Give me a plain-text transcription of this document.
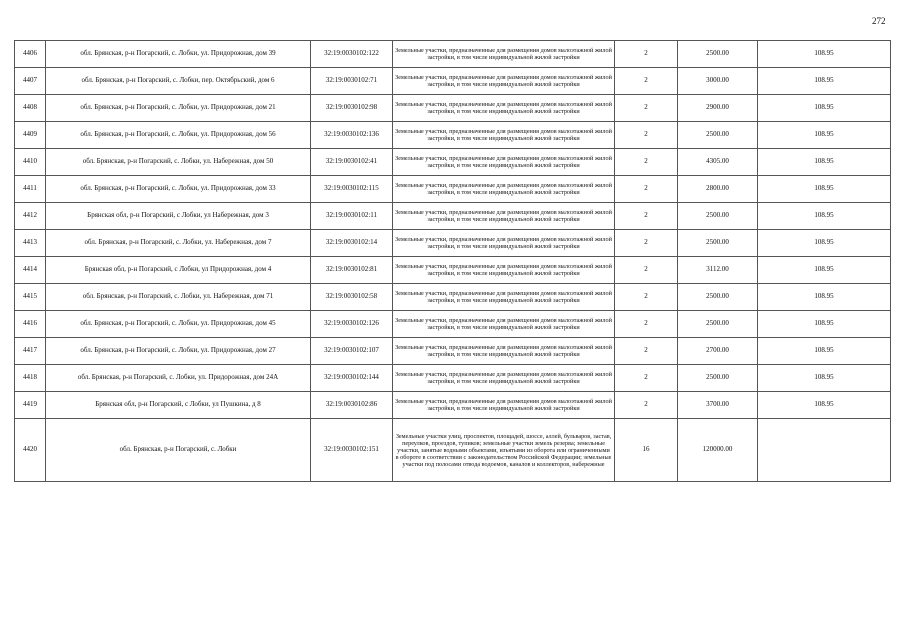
272
4406	обл. Брянская, р-н Погарский, с. Лобки, ул. Придорожная, дом 39	32:19:0030102:122	Земельные участки, предназначенные для размещения домов малоэтажной жилой застройки, в том числе индивидуальной жилой застройки	2	2500.00	108.95	
4407	обл. Брянская, р-н Погарский, с. Лобки, пер. Октябрьский, дом 6	32:19:0030102:71	Земельные участки, предназначенные для размещения домов малоэтажной жилой застройки, в том числе индивидуальной жилой застройки	2	3000.00	108.95	
4408	обл. Брянская, р-н Погарский, с. Лобки, ул. Придорожная, дом 21	32:19:0030102:98	Земельные участки, предназначенные для размещения домов малоэтажной жилой застройки, в том числе индивидуальной жилой застройки	2	2900.00	108.95	
4409	обл. Брянская, р-н Погарский, с. Лобки, ул. Придорожная, дом 56	32:19:0030102:136	Земельные участки, предназначенные для размещения домов малоэтажной жилой застройки, в том числе индивидуальной жилой застройки	2	2500.00	108.95	
4410	обл. Брянская, р-н Погарский, с. Лобки, ул. Набережная, дом 50	32:19:0030102:41	Земельные участки, предназначенные для размещения домов малоэтажной жилой застройки, в том числе индивидуальной жилой застройки	2	4305.00	108.95	
4411	обл. Брянская, р-н Погарский, с. Лобки, ул. Придорожная, дом 33	32:19:0030102:115	Земельные участки, предназначенные для размещения домов малоэтажной жилой застройки, в том числе индивидуальной жилой застройки	2	2800.00	108.95	
4412	Брянская обл, р-н Погарский, с Лобки, ул Набережная, дом 3	32:19:0030102:11	Земельные участки, предназначенные для размещения домов малоэтажной жилой застройки, в том числе индивидуальной жилой застройки	2	2500.00	108.95	
4413	обл. Брянская, р-н Погарский, с. Лобки, ул. Набережная, дом 7	32:19:0030102:14	Земельные участки, предназначенные для размещения домов малоэтажной жилой застройки, в том числе индивидуальной жилой застройки	2	2500.00	108.95	
4414	Брянская обл, р-н Погарский, с Лобки, ул Придорожная, дом 4	32:19:0030102:81	Земельные участки, предназначенные для размещения домов малоэтажной жилой застройки, в том числе индивидуальной жилой застройки	2	3112.00	108.95	
4415	обл. Брянская, р-н Погарский, с. Лобки, ул. Набережная, дом 71	32:19:0030102:58	Земельные участки, предназначенные для размещения домов малоэтажной жилой застройки, в том числе индивидуальной жилой застройки	2	2500.00	108.95	
4416	обл. Брянская, р-н Погарский, с. Лобки, ул. Придорожная, дом 45	32:19:0030102:126	Земельные участки, предназначенные для размещения домов малоэтажной жилой застройки, в том числе индивидуальной жилой застройки	2	2500.00	108.95	
4417	обл. Брянская, р-н Погарский, с. Лобки, ул. Придорожная, дом 27	32:19:0030102:107	Земельные участки, предназначенные для размещения домов малоэтажной жилой застройки, в том числе индивидуальной жилой застройки	2	2700.00	108.95	
4418	обл. Брянская, р-н Погарский, с. Лобки, ул. Придорожная, дом 24А	32:19:0030102:144	Земельные участки, предназначенные для размещения домов малоэтажной жилой застройки, в том числе индивидуальной жилой застройки	2	2500.00	108.95	
4419	Брянская обл, р-н Погарский, с Лобки, ул Пушкина, д 8	32:19:0030102:86	Земельные участки, предназначенные для размещения домов малоэтажной жилой застройки, в том числе индивидуальной жилой застройки	2	3700.00	108.95	
4420	обл. Брянская, р-н Погарский, с. Лобки	32:19:0030102:151	Земельные участки улиц, проспектов, площадей, шоссе, аллей, бульваров, застав, переулков, проездов, тупиков; земельные участки земель резерва; земельные участки, занятые водными объектами, изъятыми из оборота или ограниченными в обороте в соответствии с законодательством Российской Федерации; земельные участки под полосами отвода водоемов, каналов и коллекторов, набережные	16	120000.00		
